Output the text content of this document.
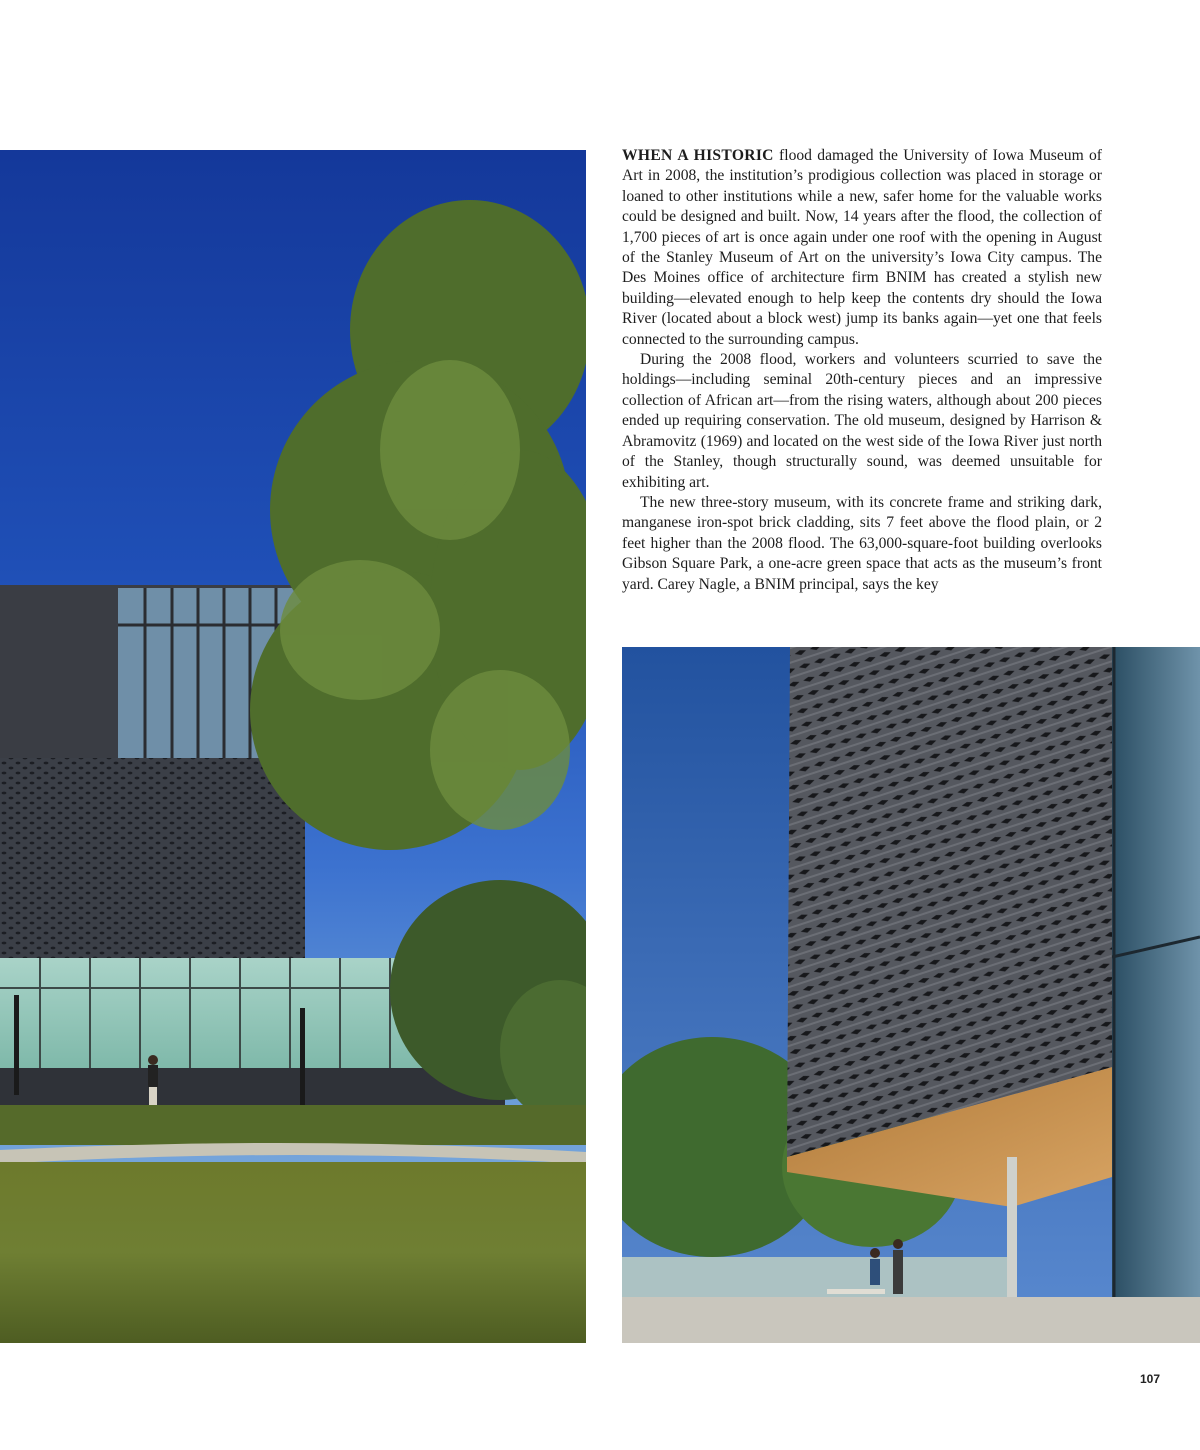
WHEN A HISTORIC flood damaged the University of Iowa Museum of Art in 2008, the institution’s prodigious collection was placed in storage or loaned to other institutions while a new, safer home for the valuable works could be designed and built. Now, 14 years after the flood, the collection of 1,700 pieces of art is once again under one roof with the opening in August of the Stanley Museum of Art on the university’s Iowa City campus. The Des Moines office of architecture firm BNIM has created a stylish new building—elevated enough to help keep the contents dry should the Iowa River (located about a block west) jump its banks again—yet one that feels connected to the surrounding campus.

During the 2008 flood, workers and volunteers scurried to save the holdings—including seminal 20th-century pieces and an impressive collection of African art—from the rising waters, although about 200 pieces ended up requiring conservation. The old museum, designed by Harrison & Abramovitz (1969) and located on the west side of the Iowa River just north of the Stanley, though structurally sound, was deemed unsuitable for exhibiting art.

The new three-story museum, with its concrete frame and striking dark, manganese iron-spot brick cladding, sits 7 feet above the flood plain, or 2 feet higher than the 2008 flood. The 63,000-square-foot building overlooks Gibson Square Park, a one-acre green space that acts as the museum’s front yard. Carey Nagle, a BNIM principal, says the key

107
